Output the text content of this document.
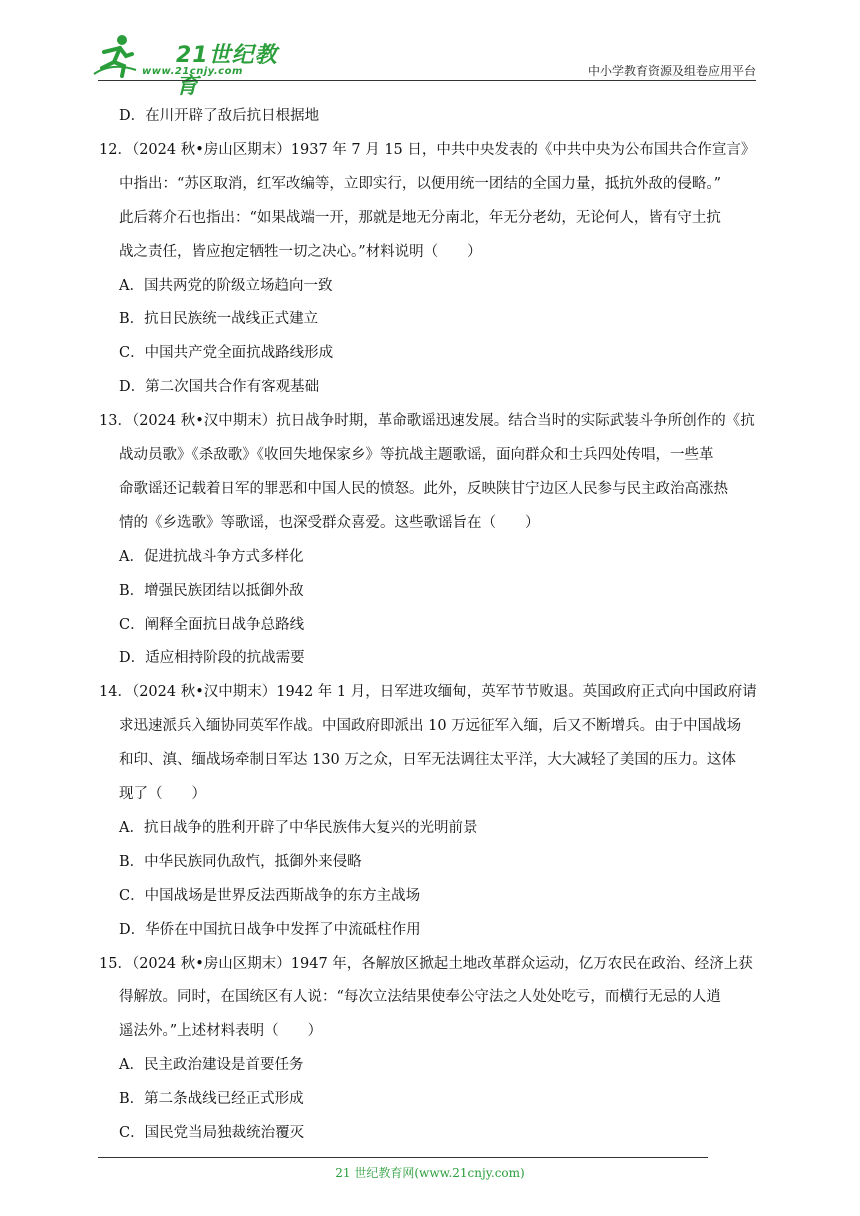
21世纪教育
www.21cnjy.com	中小学教育资源及组卷应用平台
D．在川开辟了敌后抗日根据地
12．（2024 秋•房山区期末）1937 年 7 月 15 日，中共中央发表的《中共中央为公布国共合作宣言》
中指出：“苏区取消，红军改编等，立即实行，以便用统一团结的全国力量，抵抗外敌的侵略。”
此后蒋介石也指出：“如果战端一开，那就是地无分南北，年无分老幼，无论何人，皆有守土抗
战之责任，皆应抱定牺牲一切之决心。”材料说明（　　）
A．国共两党的阶级立场趋向一致
B．抗日民族统一战线正式建立
C．中国共产党全面抗战路线形成
D．第二次国共合作有客观基础
13．（2024 秋•汉中期末）抗日战争时期，革命歌谣迅速发展。结合当时的实际武装斗争所创作的《抗
战动员歌》《杀敌歌》《收回失地保家乡》等抗战主题歌谣，面向群众和士兵四处传唱，一些革
命歌谣还记载着日军的罪恶和中国人民的愤怒。此外，反映陕甘宁边区人民参与民主政治高涨热
情的《乡选歌》等歌谣，也深受群众喜爱。这些歌谣旨在（　　）
A．促进抗战斗争方式多样化
B．增强民族团结以抵御外敌
C．阐释全面抗日战争总路线
D．适应相持阶段的抗战需要
14．（2024 秋•汉中期末）1942 年 1 月，日军进攻缅甸，英军节节败退。英国政府正式向中国政府请
求迅速派兵入缅协同英军作战。中国政府即派出 10 万远征军入缅，后又不断增兵。由于中国战场
和印、滇、缅战场牵制日军达 130 万之众，日军无法调往太平洋，大大减轻了美国的压力。这体
现了（　　）
A．抗日战争的胜利开辟了中华民族伟大复兴的光明前景
B．中华民族同仇敌忾，抵御外来侵略
C．中国战场是世界反法西斯战争的东方主战场
D．华侨在中国抗日战争中发挥了中流砥柱作用
15．（2024 秋•房山区期末）1947 年，各解放区掀起土地改革群众运动，亿万农民在政治、经济上获
得解放。同时，在国统区有人说：“每次立法结果使奉公守法之人处处吃亏，而横行无忌的人逍
遥法外。”上述材料表明（　　）
A．民主政治建设是首要任务
B．第二条战线已经正式形成
C．国民党当局独裁统治覆灭
21 世纪教育网(www.21cnjy.com)
